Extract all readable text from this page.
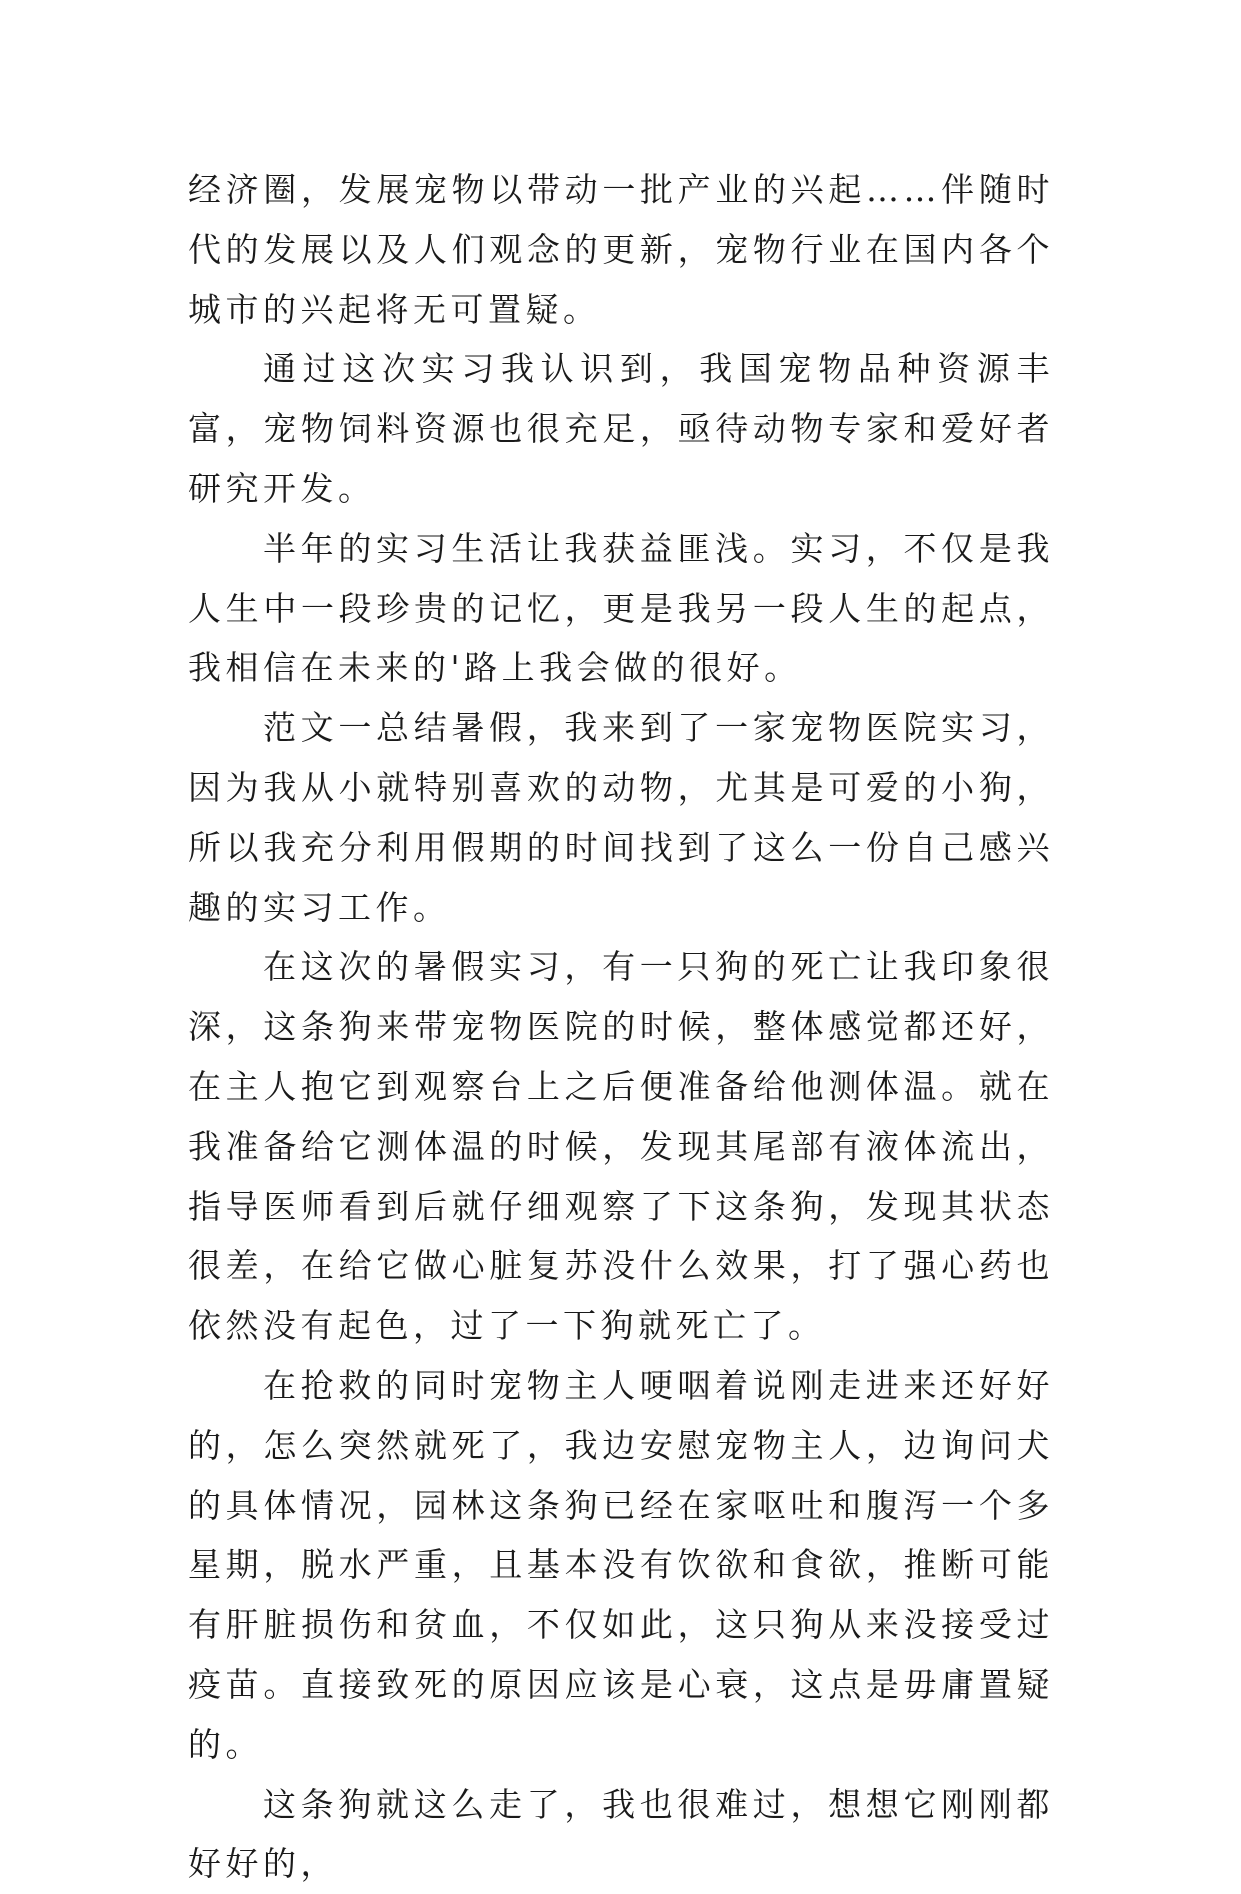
经济圈，发展宠物以带动一批产业的兴起……伴随时代的发展以及人们观念的更新，宠物行业在国内各个城市的兴起将无可置疑。

通过这次实习我认识到，我国宠物品种资源丰富，宠物饲料资源也很充足，亟待动物专家和爱好者研究开发。

半年的实习生活让我获益匪浅。实习，不仅是我人生中一段珍贵的记忆，更是我另一段人生的起点，我相信在未来的'路上我会做的很好。

范文一总结暑假，我来到了一家宠物医院实习，因为我从小就特别喜欢的动物，尤其是可爱的小狗，所以我充分利用假期的时间找到了这么一份自己感兴趣的实习工作。

在这次的暑假实习，有一只狗的死亡让我印象很深，这条狗来带宠物医院的时候，整体感觉都还好，在主人抱它到观察台上之后便准备给他测体温。就在我准备给它测体温的时候，发现其尾部有液体流出，指导医师看到后就仔细观察了下这条狗，发现其状态很差，在给它做心脏复苏没什么效果，打了强心药也依然没有起色，过了一下狗就死亡了。

在抢救的同时宠物主人哽咽着说刚走进来还好好的，怎么突然就死了，我边安慰宠物主人，边询问犬的具体情况，园林这条狗已经在家呕吐和腹泻一个多星期，脱水严重，且基本没有饮欲和食欲，推断可能有肝脏损伤和贫血，不仅如此，这只狗从来没接受过疫苗。直接致死的原因应该是心衰，这点是毋庸置疑的。

这条狗就这么走了，我也很难过，想想它刚刚都好好的，
